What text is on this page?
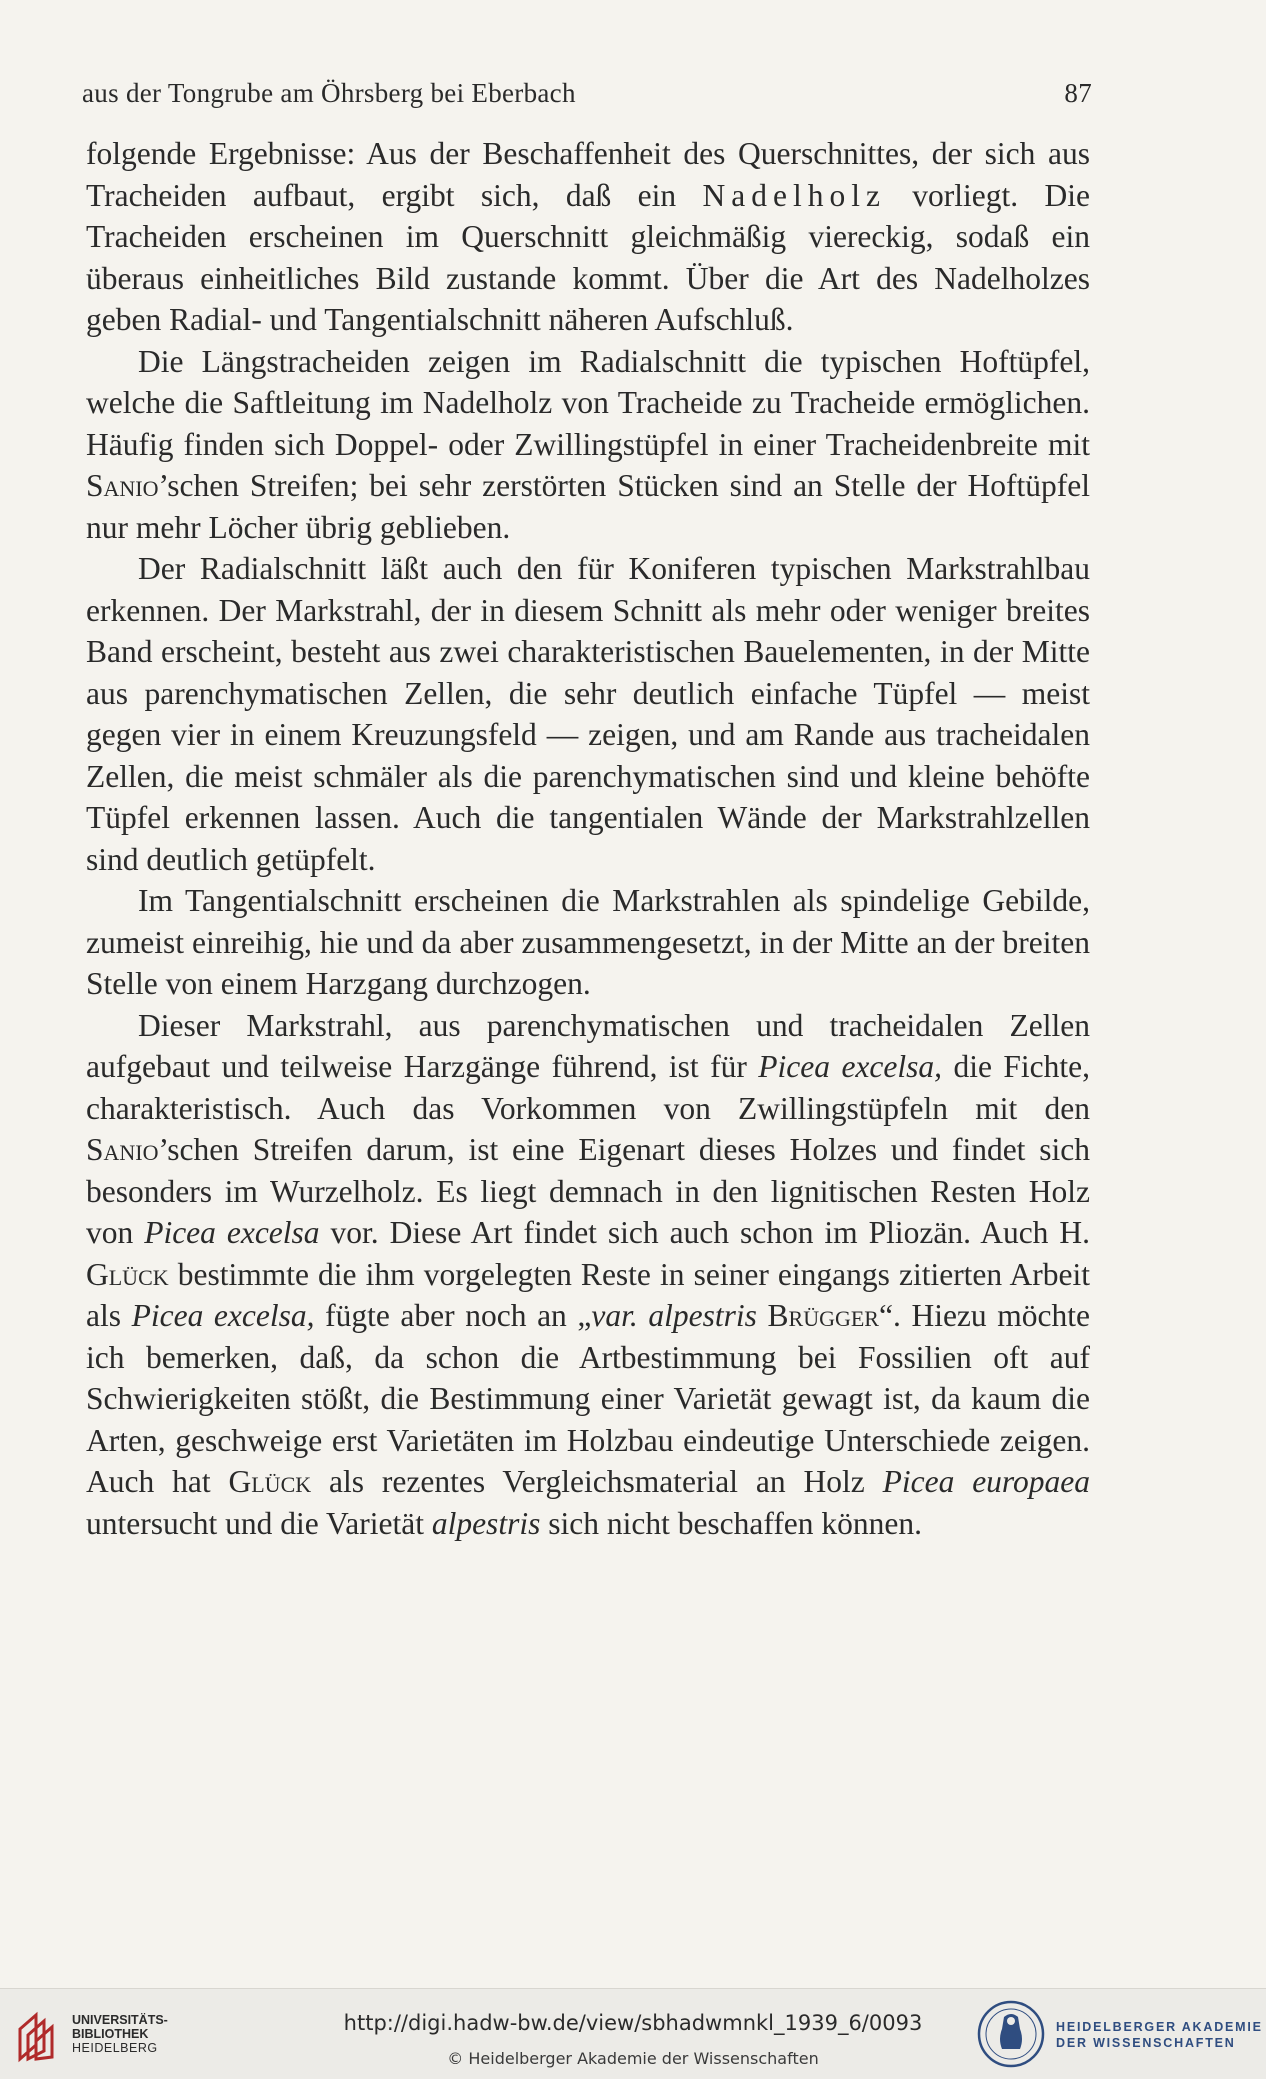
aus der Tongrube am Öhrsberg bei Eberbach	87

folgende Ergebnisse: Aus der Beschaffenheit des Querschnittes, der sich aus Tracheiden aufbaut, ergibt sich, daß ein Nadelholz vorliegt. Die Tracheiden erscheinen im Querschnitt gleichmäßig viereckig, sodaß ein überaus einheitliches Bild zustande kommt. Über die Art des Nadelholzes geben Radial- und Tangentialschnitt näheren Aufschluß.

Die Längstracheiden zeigen im Radialschnitt die typischen Hoftüpfel, welche die Saftleitung im Nadelholz von Tracheide zu Tracheide ermöglichen. Häufig finden sich Doppel- oder Zwillingstüpfel in einer Tracheidenbreite mit Sanio’schen Streifen; bei sehr zerstörten Stücken sind an Stelle der Hoftüpfel nur mehr Löcher übrig geblieben.

Der Radialschnitt läßt auch den für Koniferen typischen Markstrahlbau erkennen. Der Markstrahl, der in diesem Schnitt als mehr oder weniger breites Band erscheint, besteht aus zwei charakteristischen Bauelementen, in der Mitte aus parenchymatischen Zellen, die sehr deutlich einfache Tüpfel — meist gegen vier in einem Kreuzungsfeld — zeigen, und am Rande aus tracheidalen Zellen, die meist schmäler als die parenchymatischen sind und kleine behöfte Tüpfel erkennen lassen. Auch die tangentialen Wände der Markstrahlzellen sind deutlich getüpfelt.

Im Tangentialschnitt erscheinen die Markstrahlen als spindelige Gebilde, zumeist einreihig, hie und da aber zusammengesetzt, in der Mitte an der breiten Stelle von einem Harzgang durchzogen.

Dieser Markstrahl, aus parenchymatischen und tracheidalen Zellen aufgebaut und teilweise Harzgänge führend, ist für Picea excelsa, die Fichte, charakteristisch. Auch das Vorkommen von Zwillingstüpfeln mit den Sanio’schen Streifen darum, ist eine Eigenart dieses Holzes und findet sich besonders im Wurzelholz. Es liegt demnach in den lignitischen Resten Holz von Picea excelsa vor. Diese Art findet sich auch schon im Pliozän. Auch H. Glück bestimmte die ihm vorgelegten Reste in seiner eingangs zitierten Arbeit als Picea excelsa, fügte aber noch an „var. alpestris Brügger“. Hiezu möchte ich bemerken, daß, da schon die Artbestimmung bei Fossilien oft auf Schwierigkeiten stößt, die Bestimmung einer Varietät gewagt ist, da kaum die Arten, geschweige erst Varietäten im Holzbau eindeutige Unterschiede zeigen. Auch hat Glück als rezentes Vergleichsmaterial an Holz Picea europaea untersucht und die Varietät alpestris sich nicht beschaffen können.

UNIVERSITÄTS-
BIBLIOTHEK
HEIDELBERG
http://digi.hadw-bw.de/view/sbhadwmnkl_1939_6/0093
© Heidelberger Akademie der Wissenschaften
HEIDELBERGER AKADEMIE
DER WISSENSCHAFTEN
